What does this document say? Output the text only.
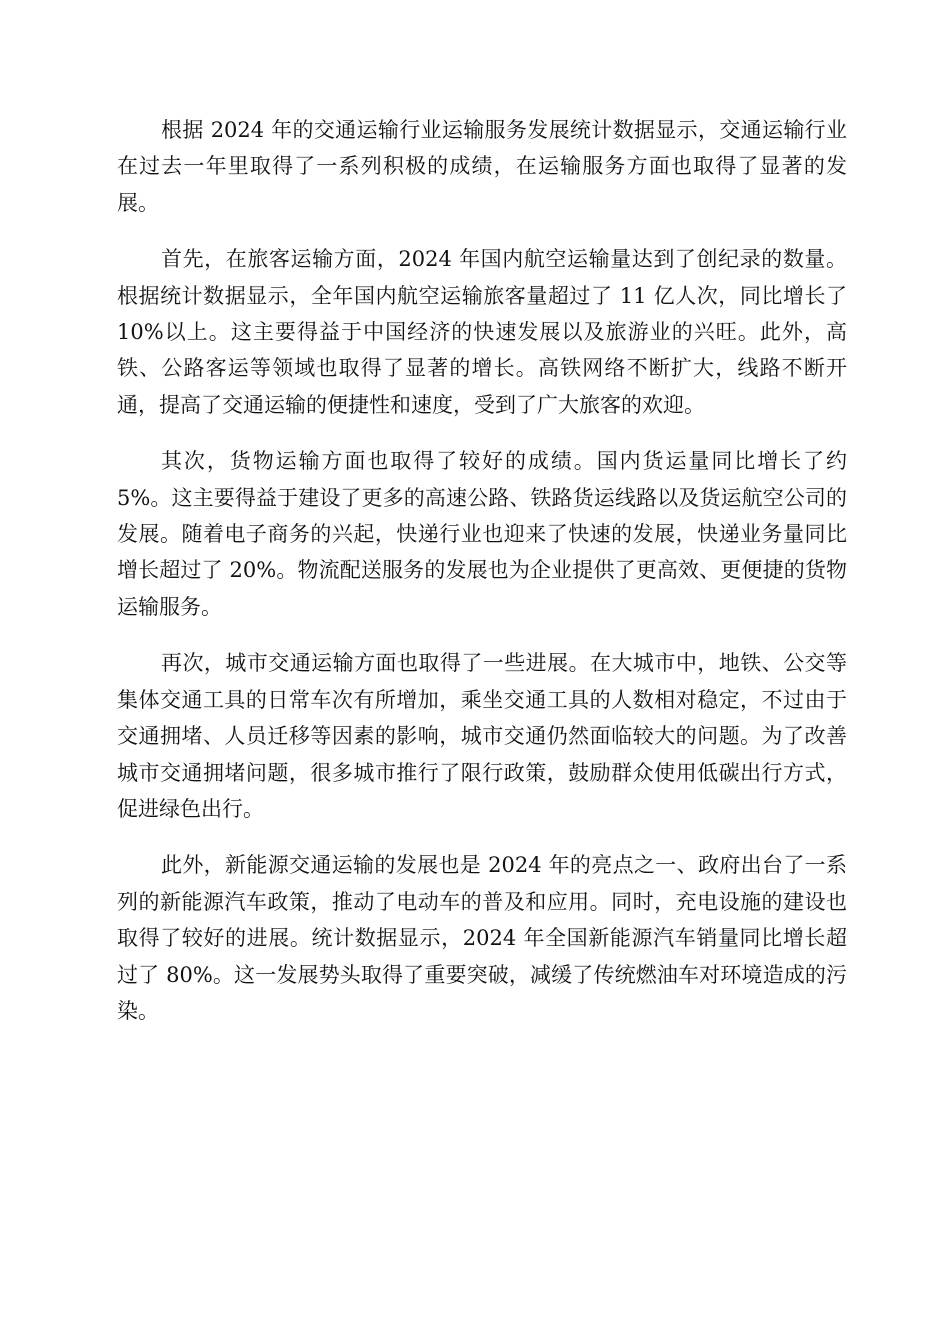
根据 2024 年的交通运输行业运输服务发展统计数据显示，交通运输行业在过去一年里取得了一系列积极的成绩，在运输服务方面也取得了显著的发展。

首先，在旅客运输方面，2024 年国内航空运输量达到了创纪录的数量。根据统计数据显示，全年国内航空运输旅客量超过了 11 亿人次，同比增长了 10%以上。这主要得益于中国经济的快速发展以及旅游业的兴旺。此外，高铁、公路客运等领域也取得了显著的增长。高铁网络不断扩大，线路不断开通，提高了交通运输的便捷性和速度，受到了广大旅客的欢迎。

其次，货物运输方面也取得了较好的成绩。国内货运量同比增长了约 5%。这主要得益于建设了更多的高速公路、铁路货运线路以及货运航空公司的发展。随着电子商务的兴起，快递行业也迎来了快速的发展，快递业务量同比增长超过了 20%。物流配送服务的发展也为企业提供了更高效、更便捷的货物运输服务。

再次，城市交通运输方面也取得了一些进展。在大城市中，地铁、公交等集体交通工具的日常车次有所增加，乘坐交通工具的人数相对稳定，不过由于交通拥堵、人员迁移等因素的影响，城市交通仍然面临较大的问题。为了改善城市交通拥堵问题，很多城市推行了限行政策，鼓励群众使用低碳出行方式，促进绿色出行。

此外，新能源交通运输的发展也是 2024 年的亮点之一、政府出台了一系列的新能源汽车政策，推动了电动车的普及和应用。同时，充电设施的建设也取得了较好的进展。统计数据显示，2024 年全国新能源汽车销量同比增长超过了 80%。这一发展势头取得了重要突破，减缓了传统燃油车对环境造成的污染。
